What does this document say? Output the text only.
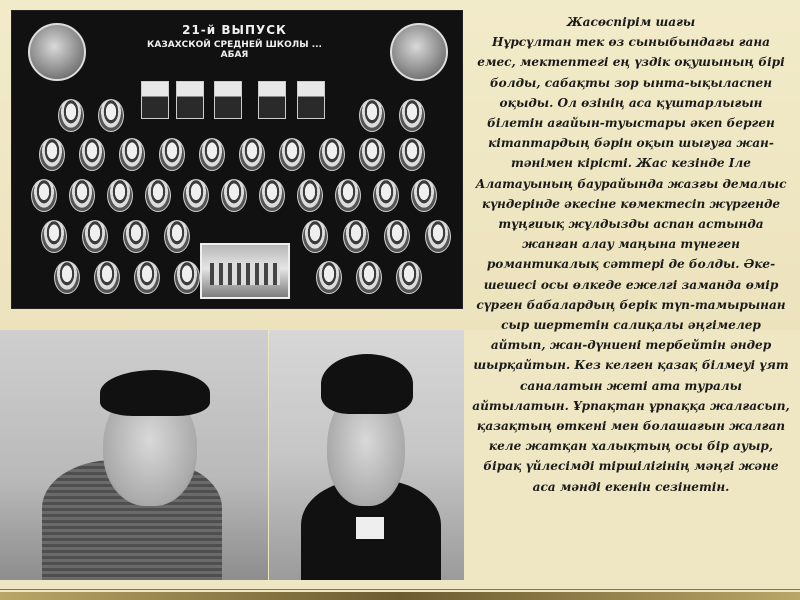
21-й ВЫПУСК
КАЗАХСКОЙ СРЕДНЕЙ ШКОЛЫ ... АБАЯ
Жасөспірім шағы
Нұрсұлтан тек өз сыныбындағы ғана емес, мектептегі ең үздік оқушының бірі болды, сабақты зор ынта-ықыласпен оқыды. Ол өзінің аса құштарлығын білетін ағайын-туыстары әкеп берген кітаптардың бәрін оқып шығуға жан-тәнімен кірісті. Жас кезінде Іле Алатауының баурайында жазғы демалыс күндерінде әкесіне көмектесіп жүргенде тұңғиық жұлдызды аспан астында жанған алау маңына түнеген романтикалық сәттері де болды. Әке-шешесі осы өлкеде ежелгі заманда өмір сүрген бабалардың берік түп-тамырынан сыр шертетін салиқалы әңгімелер айтып, жан-дүниені тербейтін әндер шырқайтын. Кез келген қазақ білмеуі ұят саналатын жеті ата туралы айтылатын. Ұрпақтан ұрпаққа жалғасып, қазақтың өткені мен болашағын жалғап келе жатқан халықтың осы бір ауыр, бірақ үйлесімді тіршілігінің мәңгі және аса мәнді екенін сезінетін.
